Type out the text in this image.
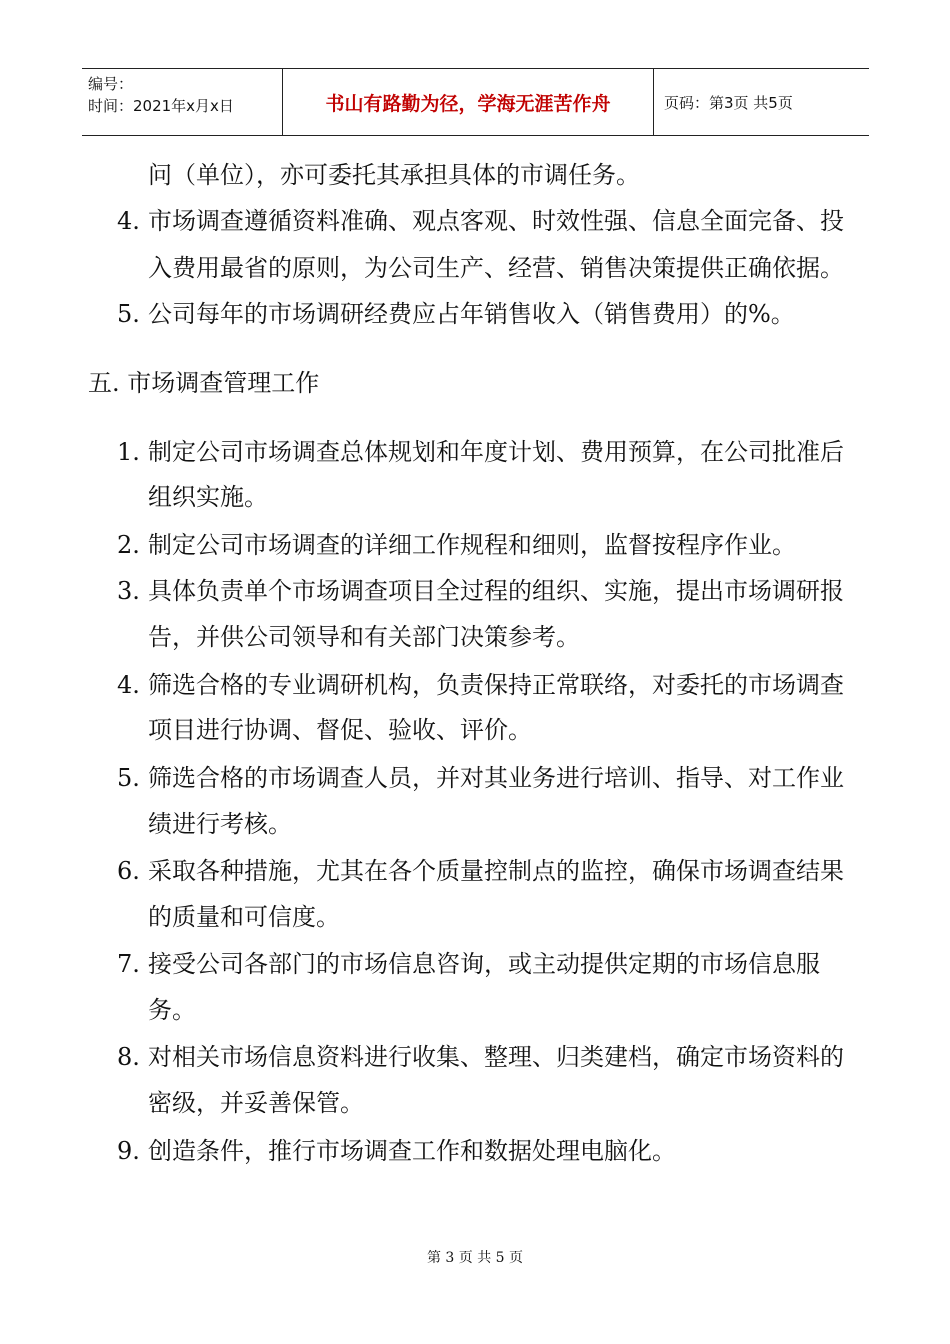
编号：
时间：2021年x月x日	书山有路勤为径，学海无涯苦作舟	页码：第3页 共5页
问（单位），亦可委托其承担具体的市调任务。
4. 市场调查遵循资料准确、观点客观、时效性强、信息全面完备、投
入费用最省的原则，为公司生产、经营、销售决策提供正确依据。
5. 公司每年的市场调研经费应占年销售收入（销售费用）的%。
五. 市场调查管理工作
1. 制定公司市场调查总体规划和年度计划、费用预算，在公司批准后
组织实施。
2. 制定公司市场调查的详细工作规程和细则，监督按程序作业。
3. 具体负责单个市场调查项目全过程的组织、实施，提出市场调研报
告，并供公司领导和有关部门决策参考。
4. 筛选合格的专业调研机构，负责保持正常联络，对委托的市场调查
项目进行协调、督促、验收、评价。
5. 筛选合格的市场调查人员，并对其业务进行培训、指导、对工作业
绩进行考核。
6. 采取各种措施，尤其在各个质量控制点的监控，确保市场调查结果
的质量和可信度。
7. 接受公司各部门的市场信息咨询，或主动提供定期的市场信息服
务。
8. 对相关市场信息资料进行收集、整理、归类建档，确定市场资料的
密级，并妥善保管。
9. 创造条件，推行市场调查工作和数据处理电脑化。
第 3 页 共 5 页
